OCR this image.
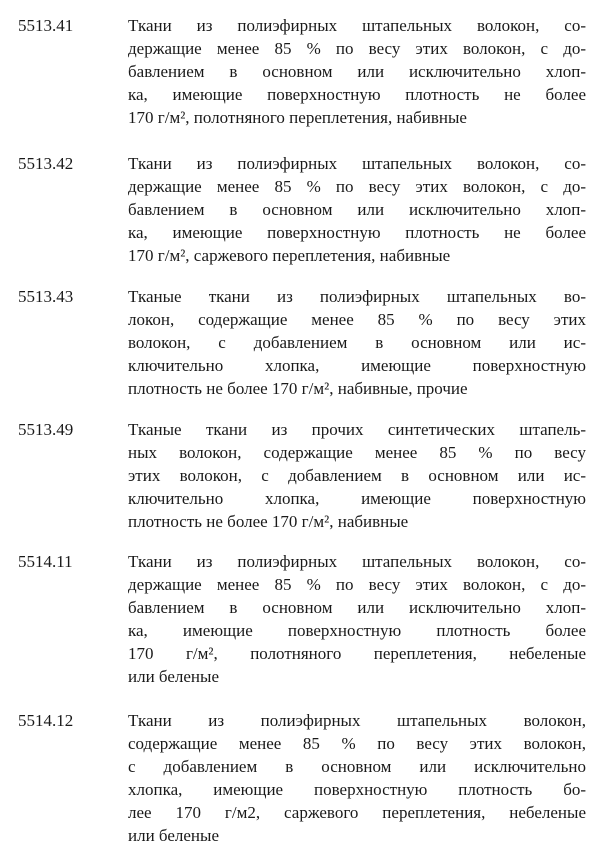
5513.41	Ткани из полиэфирных штапельных волокон, со-
держащие менее 85 % по весу этих волокон, с до-
бавлением в основном или исключительно хлоп-
ка, имеющие поверхностную плотность не более
170 г/м², полотняного переплетения, набивные
5513.42	Ткани из полиэфирных штапельных волокон, со-
держащие менее 85 % по весу этих волокон, с до-
бавлением в основном или исключительно хлоп-
ка, имеющие поверхностную плотность не более
170 г/м², саржевого переплетения, набивные
5513.43	Тканые ткани из полиэфирных штапельных во-
локон, содержащие менее 85 % по весу этих
волокон, с добавлением в основном или ис-
ключительно хлопка, имеющие поверхностную
плотность не более 170 г/м², набивные, прочие
5513.49	Тканые ткани из прочих синтетических штапель-
ных волокон, содержащие менее 85 % по весу
этих волокон, с добавлением в основном или ис-
ключительно хлопка, имеющие поверхностную
плотность не более 170 г/м², набивные
5514.11	Ткани из полиэфирных штапельных волокон, со-
держащие менее 85 % по весу этих волокон, с до-
бавлением в основном или исключительно хлоп-
ка, имеющие поверхностную плотность более
170 г/м², полотняного переплетения, небеленые
или беленые
5514.12	Ткани из полиэфирных штапельных волокон,
содержащие менее 85 % по весу этих волокон,
с добавлением в основном или исключительно
хлопка, имеющие поверхностную плотность бо-
лее 170 г/м2, саржевого переплетения, небеленые
или беленые
